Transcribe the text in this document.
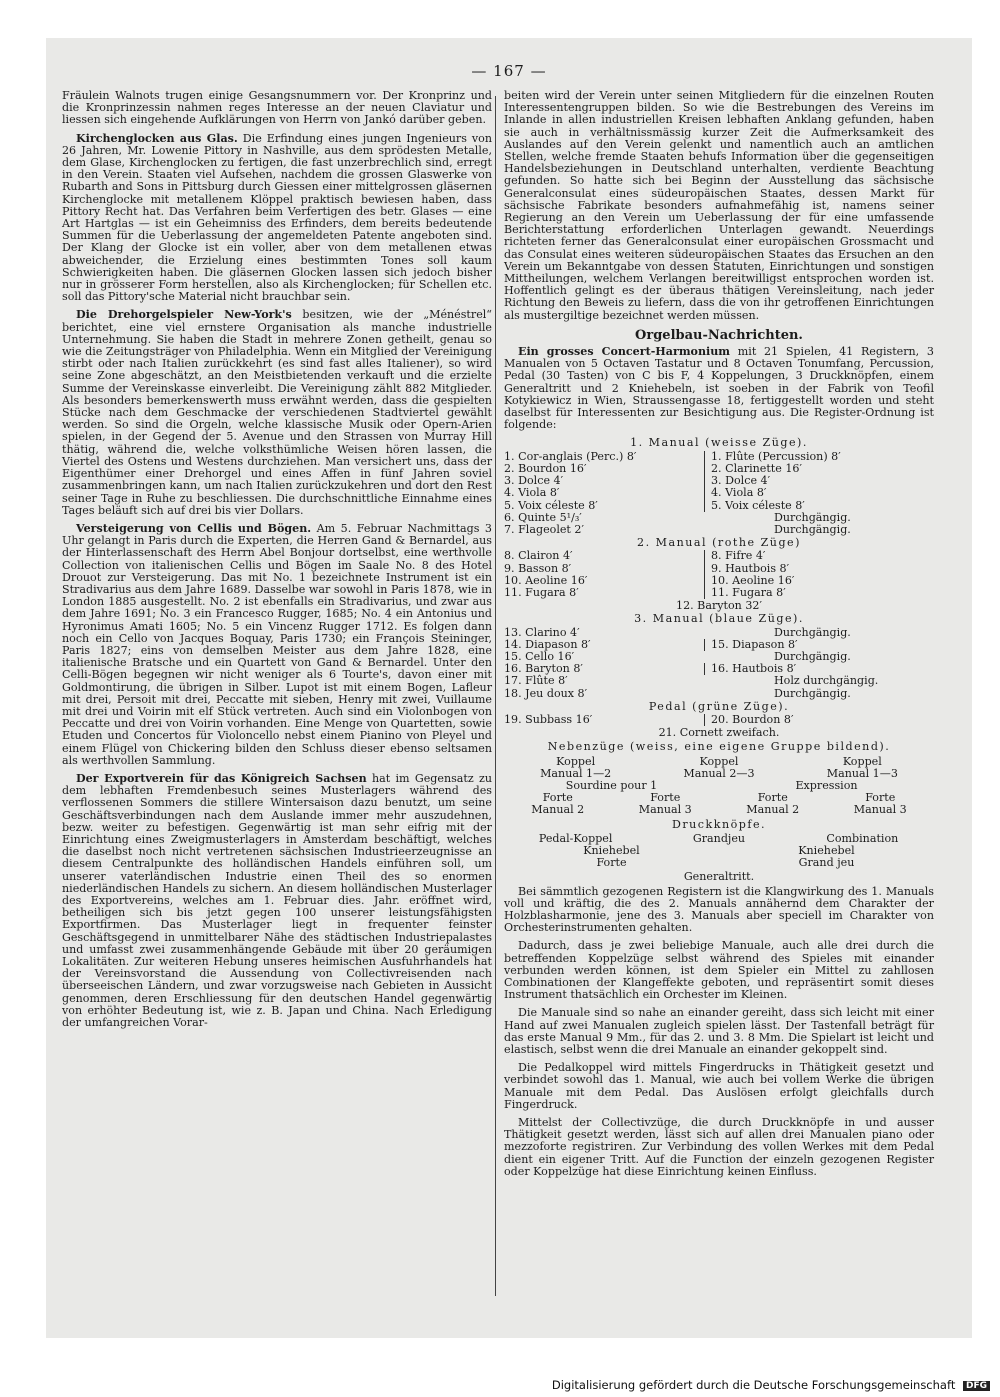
— 167 —

Fräulein Walnots trugen einige Gesangsnummern vor. Der Kronprinz und die Kronprinzessin nahmen reges Interesse an der neuen Claviatur und liessen sich eingehende Aufklärungen von Herrn von Jankó darüber geben.

Kirchenglocken aus Glas. Die Erfindung eines jungen Ingenieurs von 26 Jahren, Mr. Lowenie Pittory in Nashville, aus dem sprödesten Metalle, dem Glase, Kirchenglocken zu fertigen, die fast unzerbrechlich sind, erregt in den Verein. Staaten viel Aufsehen, nachdem die grossen Glaswerke von Rubarth and Sons in Pittsburg durch Giessen einer mittelgrossen gläsernen Kirchenglocke mit metallenem Klöppel praktisch bewiesen haben, dass Pittory Recht hat. Das Verfahren beim Verfertigen des betr. Glases — eine Art Hartglas — ist ein Geheimniss des Erfinders, dem bereits bedeutende Summen für die Ueberlassung der angemeldeten Patente angeboten sind. Der Klang der Glocke ist ein voller, aber von dem metallenen etwas abweichender, die Erzielung eines bestimmten Tones soll kaum Schwierigkeiten haben. Die gläsernen Glocken lassen sich jedoch bisher nur in grösserer Form herstellen, also als Kirchenglocken; für Schellen etc. soll das Pittory'sche Material nicht brauchbar sein.

Die Drehorgelspieler New-York's besitzen, wie der „Ménéstrel“ berichtet, eine viel ernstere Organisation als manche industrielle Unternehmung. Sie haben die Stadt in mehrere Zonen getheilt, genau so wie die Zeitungsträger von Philadelphia. Wenn ein Mitglied der Vereinigung stirbt oder nach Italien zurückkehrt (es sind fast alles Italiener), so wird seine Zone abgeschätzt, an den Meistbietenden verkauft und die erzielte Summe der Vereinskasse einverleibt. Die Vereinigung zählt 882 Mitglieder. Als besonders bemerkenswerth muss erwähnt werden, dass die gespielten Stücke nach dem Geschmacke der verschiedenen Stadtviertel gewählt werden. So sind die Orgeln, welche klassische Musik oder Opern-Arien spielen, in der Gegend der 5. Avenue und den Strassen von Murray Hill thätig, während die, welche volksthümliche Weisen hören lassen, die Viertel des Ostens und Westens durchziehen. Man versichert uns, dass der Eigenthümer einer Drehorgel und eines Affen in fünf Jahren soviel zusammenbringen kann, um nach Italien zurückzukehren und dort den Rest seiner Tage in Ruhe zu beschliessen. Die durchschnittliche Einnahme eines Tages beläuft sich auf drei bis vier Dollars.

Versteigerung von Cellis und Bögen. Am 5. Februar Nachmittags 3 Uhr gelangt in Paris durch die Experten, die Herren Gand & Bernardel, aus der Hinterlassenschaft des Herrn Abel Bonjour dortselbst, eine werthvolle Collection von italienischen Cellis und Bögen im Saale No. 8 des Hotel Drouot zur Versteigerung. Das mit No. 1 bezeichnete Instrument ist ein Stradivarius aus dem Jahre 1689. Dasselbe war sowohl in Paris 1878, wie in London 1885 ausgestellt. No. 2 ist ebenfalls ein Stradivarius, und zwar aus dem Jahre 1691; No. 3 ein Francesco Rugger, 1685; No. 4 ein Antonius und Hyronimus Amati 1605; No. 5 ein Vincenz Rugger 1712. Es folgen dann noch ein Cello von Jacques Boquay, Paris 1730; ein François Steininger, Paris 1827; eins von demselben Meister aus dem Jahre 1828, eine italienische Bratsche und ein Quartett von Gand & Bernardel. Unter den Celli-Bögen begegnen wir nicht weniger als 6 Tourte's, davon einer mit Goldmontirung, die übrigen in Silber. Lupot ist mit einem Bogen, Lafleur mit drei, Persoit mit drei, Peccatte mit sieben, Henry mit zwei, Vuillaume mit drei und Voirin mit elf Stück vertreten. Auch sind ein Violonbogen von Peccatte und drei von Voirin vorhanden. Eine Menge von Quartetten, sowie Etuden und Concertos für Violoncello nebst einem Pianino von Pleyel und einem Flügel von Chickering bilden den Schluss dieser ebenso seltsamen als werthvollen Sammlung.

Der Exportverein für das Königreich Sachsen hat im Gegensatz zu dem lebhaften Fremdenbesuch seines Musterlagers während des verflossenen Sommers die stillere Wintersaison dazu benutzt, um seine Geschäftsverbindungen nach dem Auslande immer mehr auszudehnen, bezw. weiter zu befestigen. Gegenwärtig ist man sehr eifrig mit der Einrichtung eines Zweigmusterlagers in Amsterdam beschäftigt, welches die daselbst noch nicht vertretenen sächsischen Industrieerzeugnisse an diesem Centralpunkte des holländischen Handels einführen soll, um unserer vaterländischen Industrie einen Theil des so enormen niederländischen Handels zu sichern. An diesem holländischen Musterlager des Exportvereins, welches am 1. Februar dies. Jahr. eröffnet wird, betheiligen sich bis jetzt gegen 100 unserer leistungsfähigsten Exportfirmen. Das Musterlager liegt in frequenter feinster Geschäftsgegend in unmittelbarer Nähe des städtischen Industriepalastes und umfasst zwei zusammenhängende Gebäude mit über 20 geräumigen Lokalitäten. Zur weiteren Hebung unseres heimischen Ausfuhrhandels hat der Vereinsvorstand die Aussendung von Collectivreisenden nach überseeischen Ländern, und zwar vorzugsweise nach Gebieten in Aussicht genommen, deren Erschliessung für den deutschen Handel gegenwärtig von erhöhter Bedeutung ist, wie z. B. Japan und China. Nach Erledigung der umfangreichen Vorar-

beiten wird der Verein unter seinen Mitgliedern für die einzelnen Routen Interessentengruppen bilden. So wie die Bestrebungen des Vereins im Inlande in allen industriellen Kreisen lebhaften Anklang gefunden, haben sie auch in verhältnissmässig kurzer Zeit die Aufmerksamkeit des Auslandes auf den Verein gelenkt und namentlich auch an amtlichen Stellen, welche fremde Staaten behufs Information über die gegenseitigen Handelsbeziehungen in Deutschland unterhalten, verdiente Beachtung gefunden. So hatte sich bei Beginn der Ausstellung das sächsische Generalconsulat eines südeuropäischen Staates, dessen Markt für sächsische Fabrikate besonders aufnahmefähig ist, namens seiner Regierung an den Verein um Ueberlassung der für eine umfassende Berichterstattung erforderlichen Unterlagen gewandt. Neuerdings richteten ferner das Generalconsulat einer europäischen Grossmacht und das Consulat eines weiteren südeuropäischen Staates das Ersuchen an den Verein um Bekanntgabe von dessen Statuten, Einrichtungen und sonstigen Mittheilungen, welchem Verlangen bereitwilligst entsprochen worden ist. Hoffentlich gelingt es der überaus thätigen Vereinsleitung, nach jeder Richtung den Beweis zu liefern, dass die von ihr getroffenen Einrichtungen als mustergiltige bezeichnet werden müssen.

Orgelbau-Nachrichten.

Ein grosses Concert-Harmonium mit 21 Spielen, 41 Registern, 3 Manualen von 5 Octaven Tastatur und 8 Octaven Tonumfang, Percussion, Pedal (30 Tasten) von C bis F, 4 Koppelungen, 3 Druckknöpfen, einem Generaltritt und 2 Kniehebeln, ist soeben in der Fabrik von Teofil Kotykiewicz in Wien, Straussengasse 18, fertiggestellt worden und steht daselbst für Interessenten zur Besichtigung aus. Die Register-Ordnung ist folgende:

1. Manual (weisse Züge).
1. Cor-anglais (Perc.) 8′	1. Flûte (Percussion) 8′
2. Bourdon 16′	2. Clarinette 16′
3. Dolce 4′	3. Dolce 4′
4. Viola 8′	4. Viola 8′
5. Voix céleste 8′	5. Voix céleste 8′
6. Quinte 5¹/₃′	Durchgängig.
7. Flageolet 2′	Durchgängig.
2. Manual (rothe Züge)
8. Clairon 4′	8. Fifre 4′
9. Basson 8′	9. Hautbois 8′
10. Aeoline 16′	10. Aeoline 16′
11. Fugara 8′	11. Fugara 8′
12. Baryton 32′
3. Manual (blaue Züge).
13. Clarino 4′	Durchgängig.
14. Diapason 8′	15. Diapason 8′
15. Cello 16′	Durchgängig.
16. Baryton 8′	16. Hautbois 8′
17. Flûte 8′	Holz durchgängig.
18. Jeu doux 8′	Durchgängig.
Pedal (grüne Züge).
19. Subbass 16′	20. Bourdon 8′
21. Cornett zweifach.
Nebenzüge (weiss, eine eigene Gruppe bildend).
Koppel	Koppel	Koppel
Manual 1—2	Manual 2—3	Manual 1—3
Sourdine pour 1	Expression
Forte	Forte	Forte	Forte
Manual 2	Manual 3	Manual 2	Manual 3
Druckknöpfe.
Pedal-Koppel	Grandjeu	Combination
Kniehebel	Kniehebel
Forte	Grand jeu
Generaltritt.

Bei sämmtlich gezogenen Registern ist die Klangwirkung des 1. Manuals voll und kräftig, die des 2. Manuals annähernd dem Charakter der Holzblasharmonie, jene des 3. Manuals aber speciell im Charakter von Orchesterinstrumenten gehalten.

Dadurch, dass je zwei beliebige Manuale, auch alle drei durch die betreffenden Koppelzüge selbst während des Spieles mit einander verbunden werden können, ist dem Spieler ein Mittel zu zahllosen Combinationen der Klangeffekte geboten, und repräsentirt somit dieses Instrument thatsächlich ein Orchester im Kleinen.

Die Manuale sind so nahe an einander gereiht, dass sich leicht mit einer Hand auf zwei Manualen zugleich spielen lässt. Der Tastenfall beträgt für das erste Manual 9 Mm., für das 2. und 3. 8 Mm. Die Spielart ist leicht und elastisch, selbst wenn die drei Manuale an einander gekoppelt sind.

Die Pedalkoppel wird mittels Fingerdrucks in Thätigkeit gesetzt und verbindet sowohl das 1. Manual, wie auch bei vollem Werke die übrigen Manuale mit dem Pedal. Das Auslösen erfolgt gleichfalls durch Fingerdruck.

Mittelst der Collectivzüge, die durch Druckknöpfe in und ausser Thätigkeit gesetzt werden, lässt sich auf allen drei Manualen piano oder mezzoforte registriren. Zur Verbindung des vollen Werkes mit dem Pedal dient ein eigener Tritt. Auf die Function der einzeln gezogenen Register oder Koppelzüge hat diese Einrichtung keinen Einfluss.

Digitalisierung gefördert durch die Deutsche Forschungsgemeinschaft DFG
